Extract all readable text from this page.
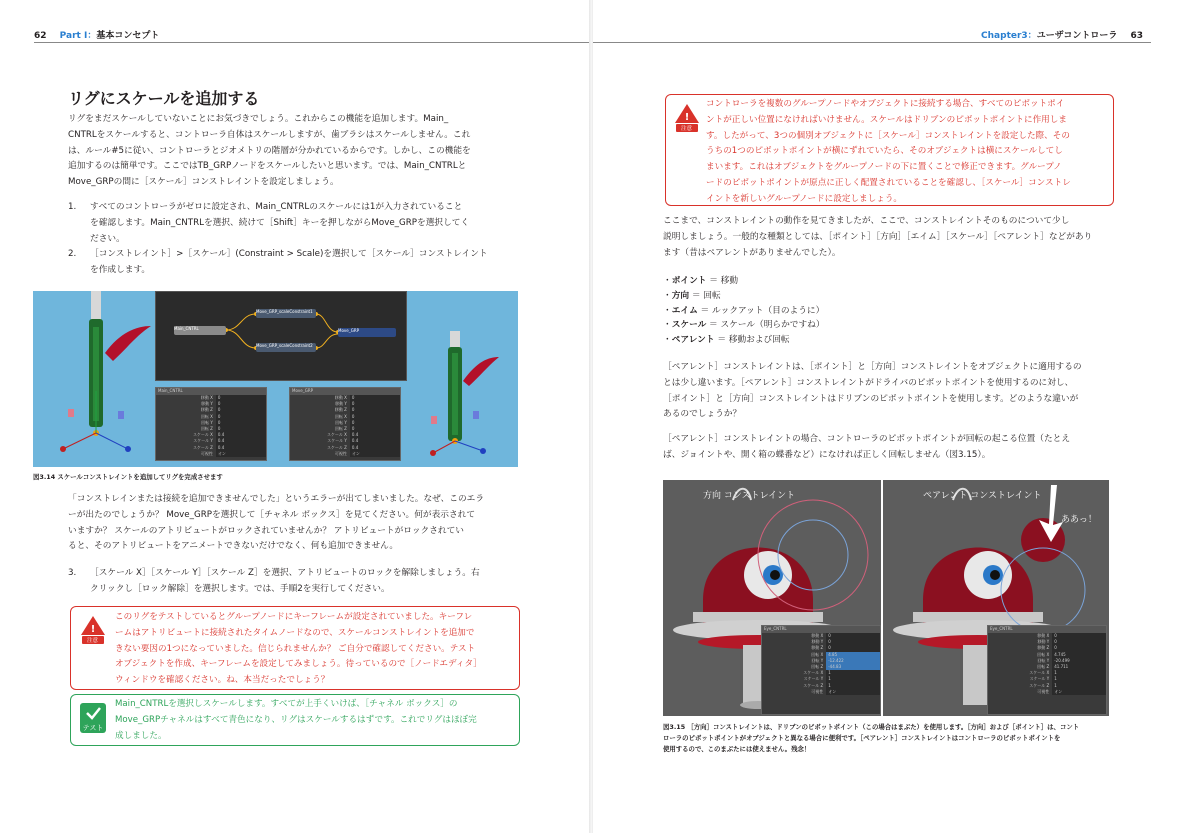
62 Part Ⅰ：基本コンセプト
リグにスケールを追加する

リグをまだスケールしていないことにお気づきでしょう。これからこの機能を追加します。Main_

CNTRLをスケールすると、コントローラ自体はスケールしますが、歯ブラシはスケールしません。これ

は、ルール#5に従い、コントローラとジオメトリの階層が分かれているからです。しかし、この機能を

追加するのは簡単です。ここではTB_GRPノードをスケールしたいと思います。では、Main_CNTRLと

Move_GRPの間に［スケール］コンストレイントを設定しましょう。

1. すべてのコントローラがゼロに設定され、Main_CNTRLのスケールには1が入力されていること
を確認します。Main_CNTRLを選択、続けて［Shift］キーを押しながらMove_GRPを選択してく
ださい。
2. ［コンストレイント］>［スケール］(Constraint > Scale)を選択して［スケール］コンストレイント
を作成します。
Main_CNTRL
Move_GRP_scaleConstraint1
Move_GRP
Move_GRP_scaleConstraint2
Main_CNTRL
移動 X	0
移動 Y	0
移動 Z	0
回転 X	0
回転 Y	0
回転 Z	0
スケール X	0.4
スケール Y	0.4
スケール Z	0.4
可視性	オン
Move_GRP
移動 X	0
移動 Y	0
移動 Z	0
回転 X	0
回転 Y	0
回転 Z	0
スケール X	0.4
スケール Y	0.4
スケール Z	0.4
可視性	オン
図3.14 スケールコンストレイントを追加してリグを完成させます

「コンストレインまたは接続を追加できませんでした」というエラーが出てしまいました。なぜ、このエラ

ーが出たのでしょうか？ Move_GRPを選択して［チャネル ボックス］を見てください。何が表示されて

いますか？ スケールのアトリビュートがロックされていませんか？ アトリビュートがロックされてい

ると、そのアトリビュートをアニメートできないだけでなく、何も追加できません。

3. ［スケール X］［スケール Y］［スケール Z］を選択、アトリビュートのロックを解除しましょう。右
クリックし［ロック解除］を選択します。では、手順2を実行してください。
!
注意
このリグをテストしているとグループノードにキーフレームが設定されていました。キーフレ
ームはアトリビュートに接続されたタイムノードなので、スケールコンストレイントを追加で
きない要因の1つになっていました。信じられませんか？ ご自分で確認してください。テスト
オブジェクトを作成、キーフレームを設定してみましょう。待っているので［ノードエディタ］
ウィンドウを確認ください。ね、本当だったでしょう？
テスト
Main_CNTRLを選択しスケールします。すべてが上手くいけば、［チャネル ボックス］の
Move_GRPチャネルはすべて青色になり、リグはスケールするはずです。これでリグはほぼ完
成しました。
Chapter3：ユーザコントローラ 63
!
注意
コントローラを複数のグループノードやオブジェクトに接続する場合、すべてのピボットポイ
ントが正しい位置になければいけません。スケールはドリブンのピボットポイントに作用しま
す。したがって、3つの個別オブジェクトに［スケール］コンストレイントを設定した際、その
うちの1つのピボットポイントが横にずれていたら、そのオブジェクトは横にスケールしてし
まいます。これはオブジェクトをグループノードの下に置くことで修正できます。グループノ
ードのピボットポイントが原点に正しく配置されていることを確認し、［スケール］コンストレ
イントを新しいグループノードに設定しましょう。

ここまで、コンストレイントの動作を見てきましたが、ここで、コンストレイントそのものについて少し

説明しましょう。一般的な種類としては、［ポイント］［方向］［エイム］［スケール］［ペアレント］などがあり

ます（昔はペアレントがありませんでした）。

・ポイント ＝ 移動
・方向 ＝ 回転
・エイム ＝ ルックアット（目のように）
・スケール ＝ スケール（明らかですね）
・ペアレント ＝ 移動および回転

［ペアレント］コンストレイントは、［ポイント］と［方向］コンストレイントをオブジェクトに適用するの

とは少し違います。［ペアレント］コンストレイントがドライバのピボットポイントを使用するのに対し、

［ポイント］と［方向］コンストレイントはドリブンのピボットポイントを使用します。どのような違いが

あるのでしょうか？

［ペアレント］コンストレイントの場合、コントローラのピボットポイントが回転の起こる位置（たとえ

ば、ジョイントや、開く箱の蝶番など）になければ正しく回転しません（図3.15）。

方向 コンストレイント
Eye_CNTRL
移動 X	0
移動 Y	0
移動 Z	0
回転 X	4.85
回転 Y	-12.422
回転 Z	-44.83
スケール X	1
スケール Y	1
スケール Z	1
可視性	オン
ペアレント コンストレイント
ああっ！
Eye_CNTRL
移動 X	0
移動 Y	0
移動 Z	0
回転 X	4.745
回転 Y	-20.499
回転 Z	41.711
スケール X	1
スケール Y	1
スケール Z	1
可視性	オン
図3.15 ［方向］コンストレイントは、ドリブンのピボットポイント（この場合はまぶた）を使用します。［方向］および［ポイント］は、コント
ローラのピボットポイントがオブジェクトと異なる場合に便利です。［ペアレント］コンストレイントはコントローラのピボットポイントを
使用するので、このまぶたには使えません。残念！
